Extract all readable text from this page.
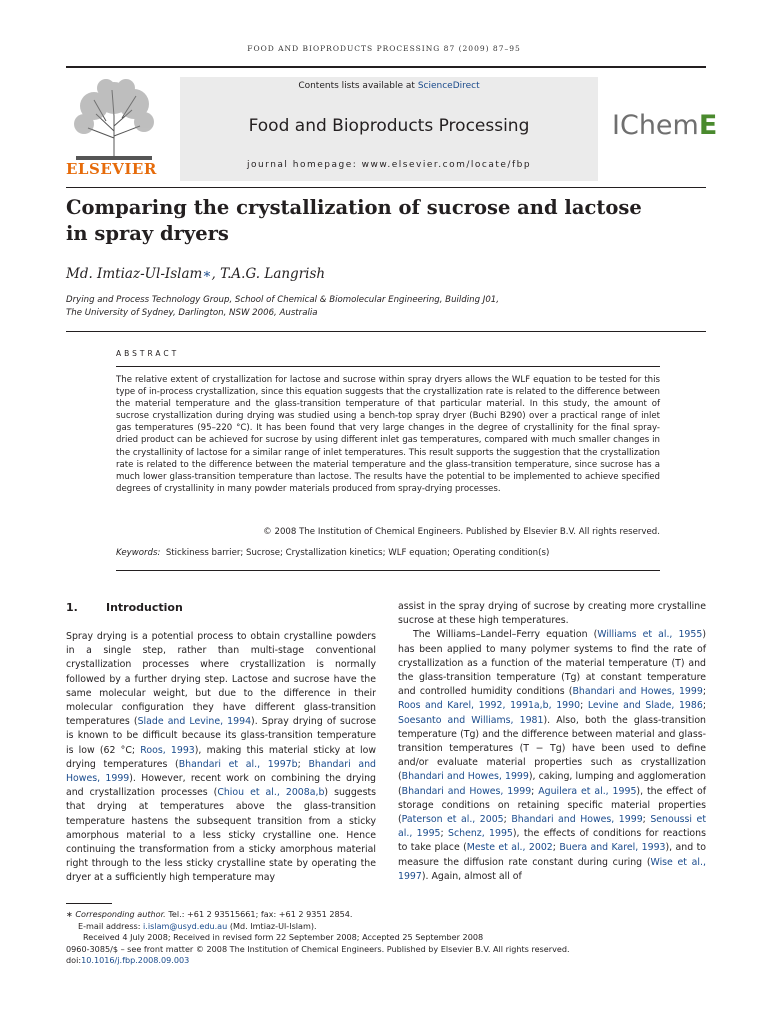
FOOD AND BIOPRODUCTS PROCESSING 87 (2009) 87–95
ELSEVIER
Contents lists available at ScienceDirect
Food and Bioproducts Processing
journal homepage: www.elsevier.com/locate/fbp
IChemE
Comparing the crystallization of sucrose and lactose
in spray dryers
Md. Imtiaz-Ul-Islam∗, T.A.G. Langrish
Drying and Process Technology Group, School of Chemical & Biomolecular Engineering, Building J01,
The University of Sydney, Darlington, NSW 2006, Australia
ABSTRACT
The relative extent of crystallization for lactose and sucrose within spray dryers allows the WLF equation to be tested for this type of in-process crystallization, since this equation suggests that the crystallization rate is related to the difference between the material temperature and the glass-transition temperature of that particular material. In this study, the amount of sucrose crystallization during drying was studied using a bench-top spray dryer (Buchi B290) over a practical range of inlet gas temperatures (95–220 °C). It has been found that very large changes in the degree of crystallinity for the final spray-dried product can be achieved for sucrose by using different inlet gas temperatures, compared with much smaller changes in the crystallinity of lactose for a similar range of inlet temperatures. This result supports the suggestion that the crystallization rate is related to the difference between the material temperature and the glass-transition temperature, since sucrose has a much lower glass-transition temperature than lactose. The results have the potential to be implemented to achieve specified degrees of crystallinity in many powder materials produced from spray-drying processes.
© 2008 The Institution of Chemical Engineers. Published by Elsevier B.V. All rights reserved.
Keywords: Stickiness barrier; Sucrose; Crystallization kinetics; WLF equation; Operating condition(s)
1.	Introduction

Spray drying is a potential process to obtain crystalline powders in a single step, rather than multi-stage conventional crystallization processes where crystallization is normally followed by a further drying step. Lactose and sucrose have the same molecular weight, but due to the difference in their molecular configuration they have different glass-transition temperatures (Slade and Levine, 1994). Spray drying of sucrose is known to be difficult because its glass-transition temperature is low (62 °C; Roos, 1993), making this material sticky at low drying temperatures (Bhandari et al., 1997b; Bhandari and Howes, 1999). However, recent work on combining the drying and crystallization processes (Chiou et al., 2008a,b) suggests that drying at temperatures above the glass-transition temperature hastens the subsequent transition from a sticky amorphous material to a less sticky crystalline one. Hence continuing the transformation from a sticky amorphous material right through to the less sticky crystalline state by operating the dryer at a sufficiently high temperature may

assist in the spray drying of sucrose by creating more crystalline sucrose at these high temperatures.

The Williams–Landel–Ferry equation (Williams et al., 1955) has been applied to many polymer systems to find the rate of crystallization as a function of the material temperature (T) and the glass-transition temperature (Tg) at constant temperature and controlled humidity conditions (Bhandari and Howes, 1999; Roos and Karel, 1992, 1991a,b, 1990; Levine and Slade, 1986; Soesanto and Williams, 1981). Also, both the glass-transition temperature (Tg) and the difference between material and glass-transition temperatures (T − Tg) have been used to define and/or evaluate material properties such as crystallization (Bhandari and Howes, 1999), caking, lumping and agglomeration (Bhandari and Howes, 1999; Aguilera et al., 1995), the effect of storage conditions on retaining specific material properties (Paterson et al., 2005; Bhandari and Howes, 1999; Senoussi et al., 1995; Schenz, 1995), the effects of conditions for reactions to take place (Meste et al., 2002; Buera and Karel, 1993), and to measure the diffusion rate constant during curing (Wise et al., 1997). Again, almost all of

∗ Corresponding author. Tel.: +61 2 93515661; fax: +61 2 9351 2854.
E-mail address: i.islam@usyd.edu.au (Md. Imtiaz-Ul-Islam).
Received 4 July 2008; Received in revised form 22 September 2008; Accepted 25 September 2008
0960-3085/$ – see front matter © 2008 The Institution of Chemical Engineers. Published by Elsevier B.V. All rights reserved.
doi:10.1016/j.fbp.2008.09.003
